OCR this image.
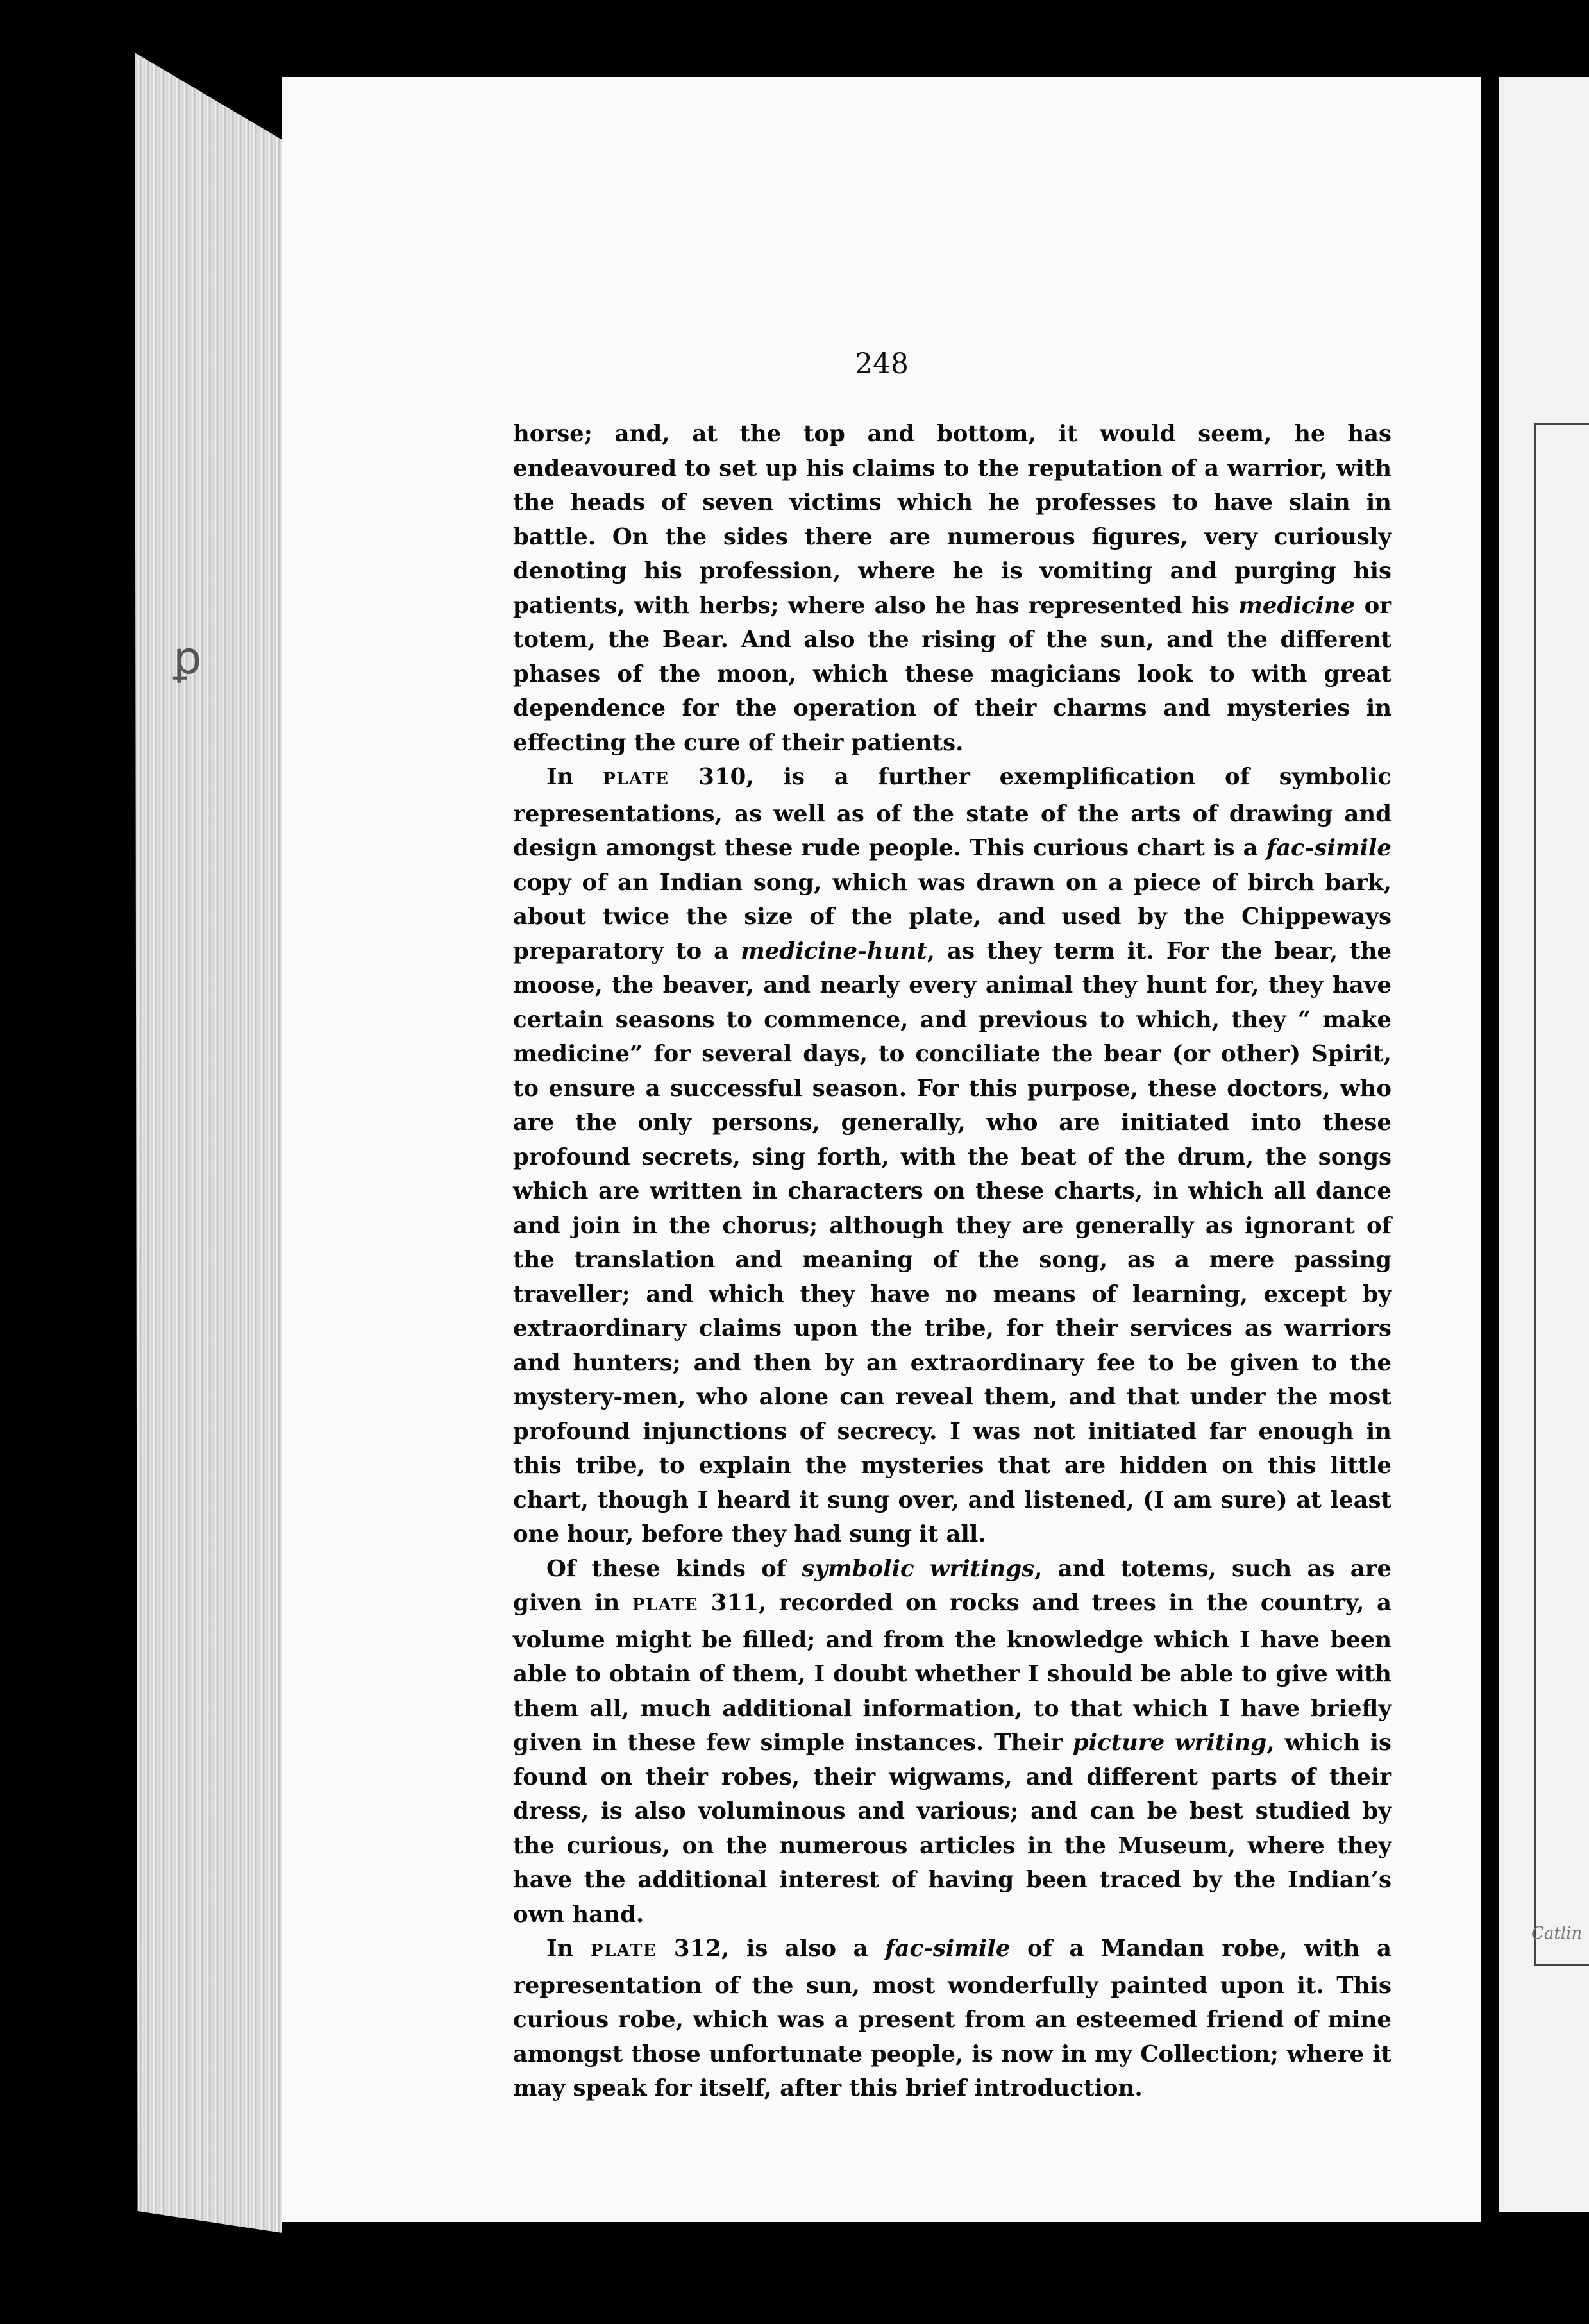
ꝑ
248

horse; and, at the top and bottom, it would seem, he has endeavoured to set up his claims to the reputation of a warrior, with the heads of seven victims which he professes to have slain in battle. On the sides there are numerous figures, very curiously denoting his profession, where he is vomiting and purging his patients, with herbs; where also he has represented his medicine or totem, the Bear. And also the rising of the sun, and the different phases of the moon, which these magicians look to with great dependence for the operation of their charms and mysteries in effecting the cure of their patients.

In PLATE 310, is a further exemplification of symbolic representations, as well as of the state of the arts of drawing and design amongst these rude people. This curious chart is a fac-simile copy of an Indian song, which was drawn on a piece of birch bark, about twice the size of the plate, and used by the Chippeways preparatory to a medicine-hunt, as they term it. For the bear, the moose, the beaver, and nearly every animal they hunt for, they have certain seasons to commence, and previous to which, they “ make medicine” for several days, to conciliate the bear (or other) Spirit, to ensure a successful season. For this purpose, these doctors, who are the only persons, generally, who are initiated into these profound secrets, sing forth, with the beat of the drum, the songs which are written in characters on these charts, in which all dance and join in the chorus; although they are generally as ignorant of the translation and meaning of the song, as a mere passing traveller; and which they have no means of learning, except by extraordinary claims upon the tribe, for their services as warriors and hunters; and then by an extraordinary fee to be given to the mystery-men, who alone can reveal them, and that under the most profound injunctions of secrecy. I was not initiated far enough in this tribe, to explain the mysteries that are hidden on this little chart, though I heard it sung over, and listened, (I am sure) at least one hour, before they had sung it all.

Of these kinds of symbolic writings, and totems, such as are given in PLATE 311, recorded on rocks and trees in the country, a volume might be filled; and from the knowledge which I have been able to obtain of them, I doubt whether I should be able to give with them all, much additional information, to that which I have briefly given in these few simple instances. Their picture writing, which is found on their robes, their wigwams, and different parts of their dress, is also voluminous and various; and can be best studied by the curious, on the numerous articles in the Museum, where they have the additional interest of having been traced by the Indian’s own hand.

In PLATE 312, is also a fac-simile of a Mandan robe, with a representation of the sun, most wonderfully painted upon it. This curious robe, which was a present from an esteemed friend of mine amongst those unfortunate people, is now in my Collection; where it may speak for itself, after this brief introduction.

Catlin
